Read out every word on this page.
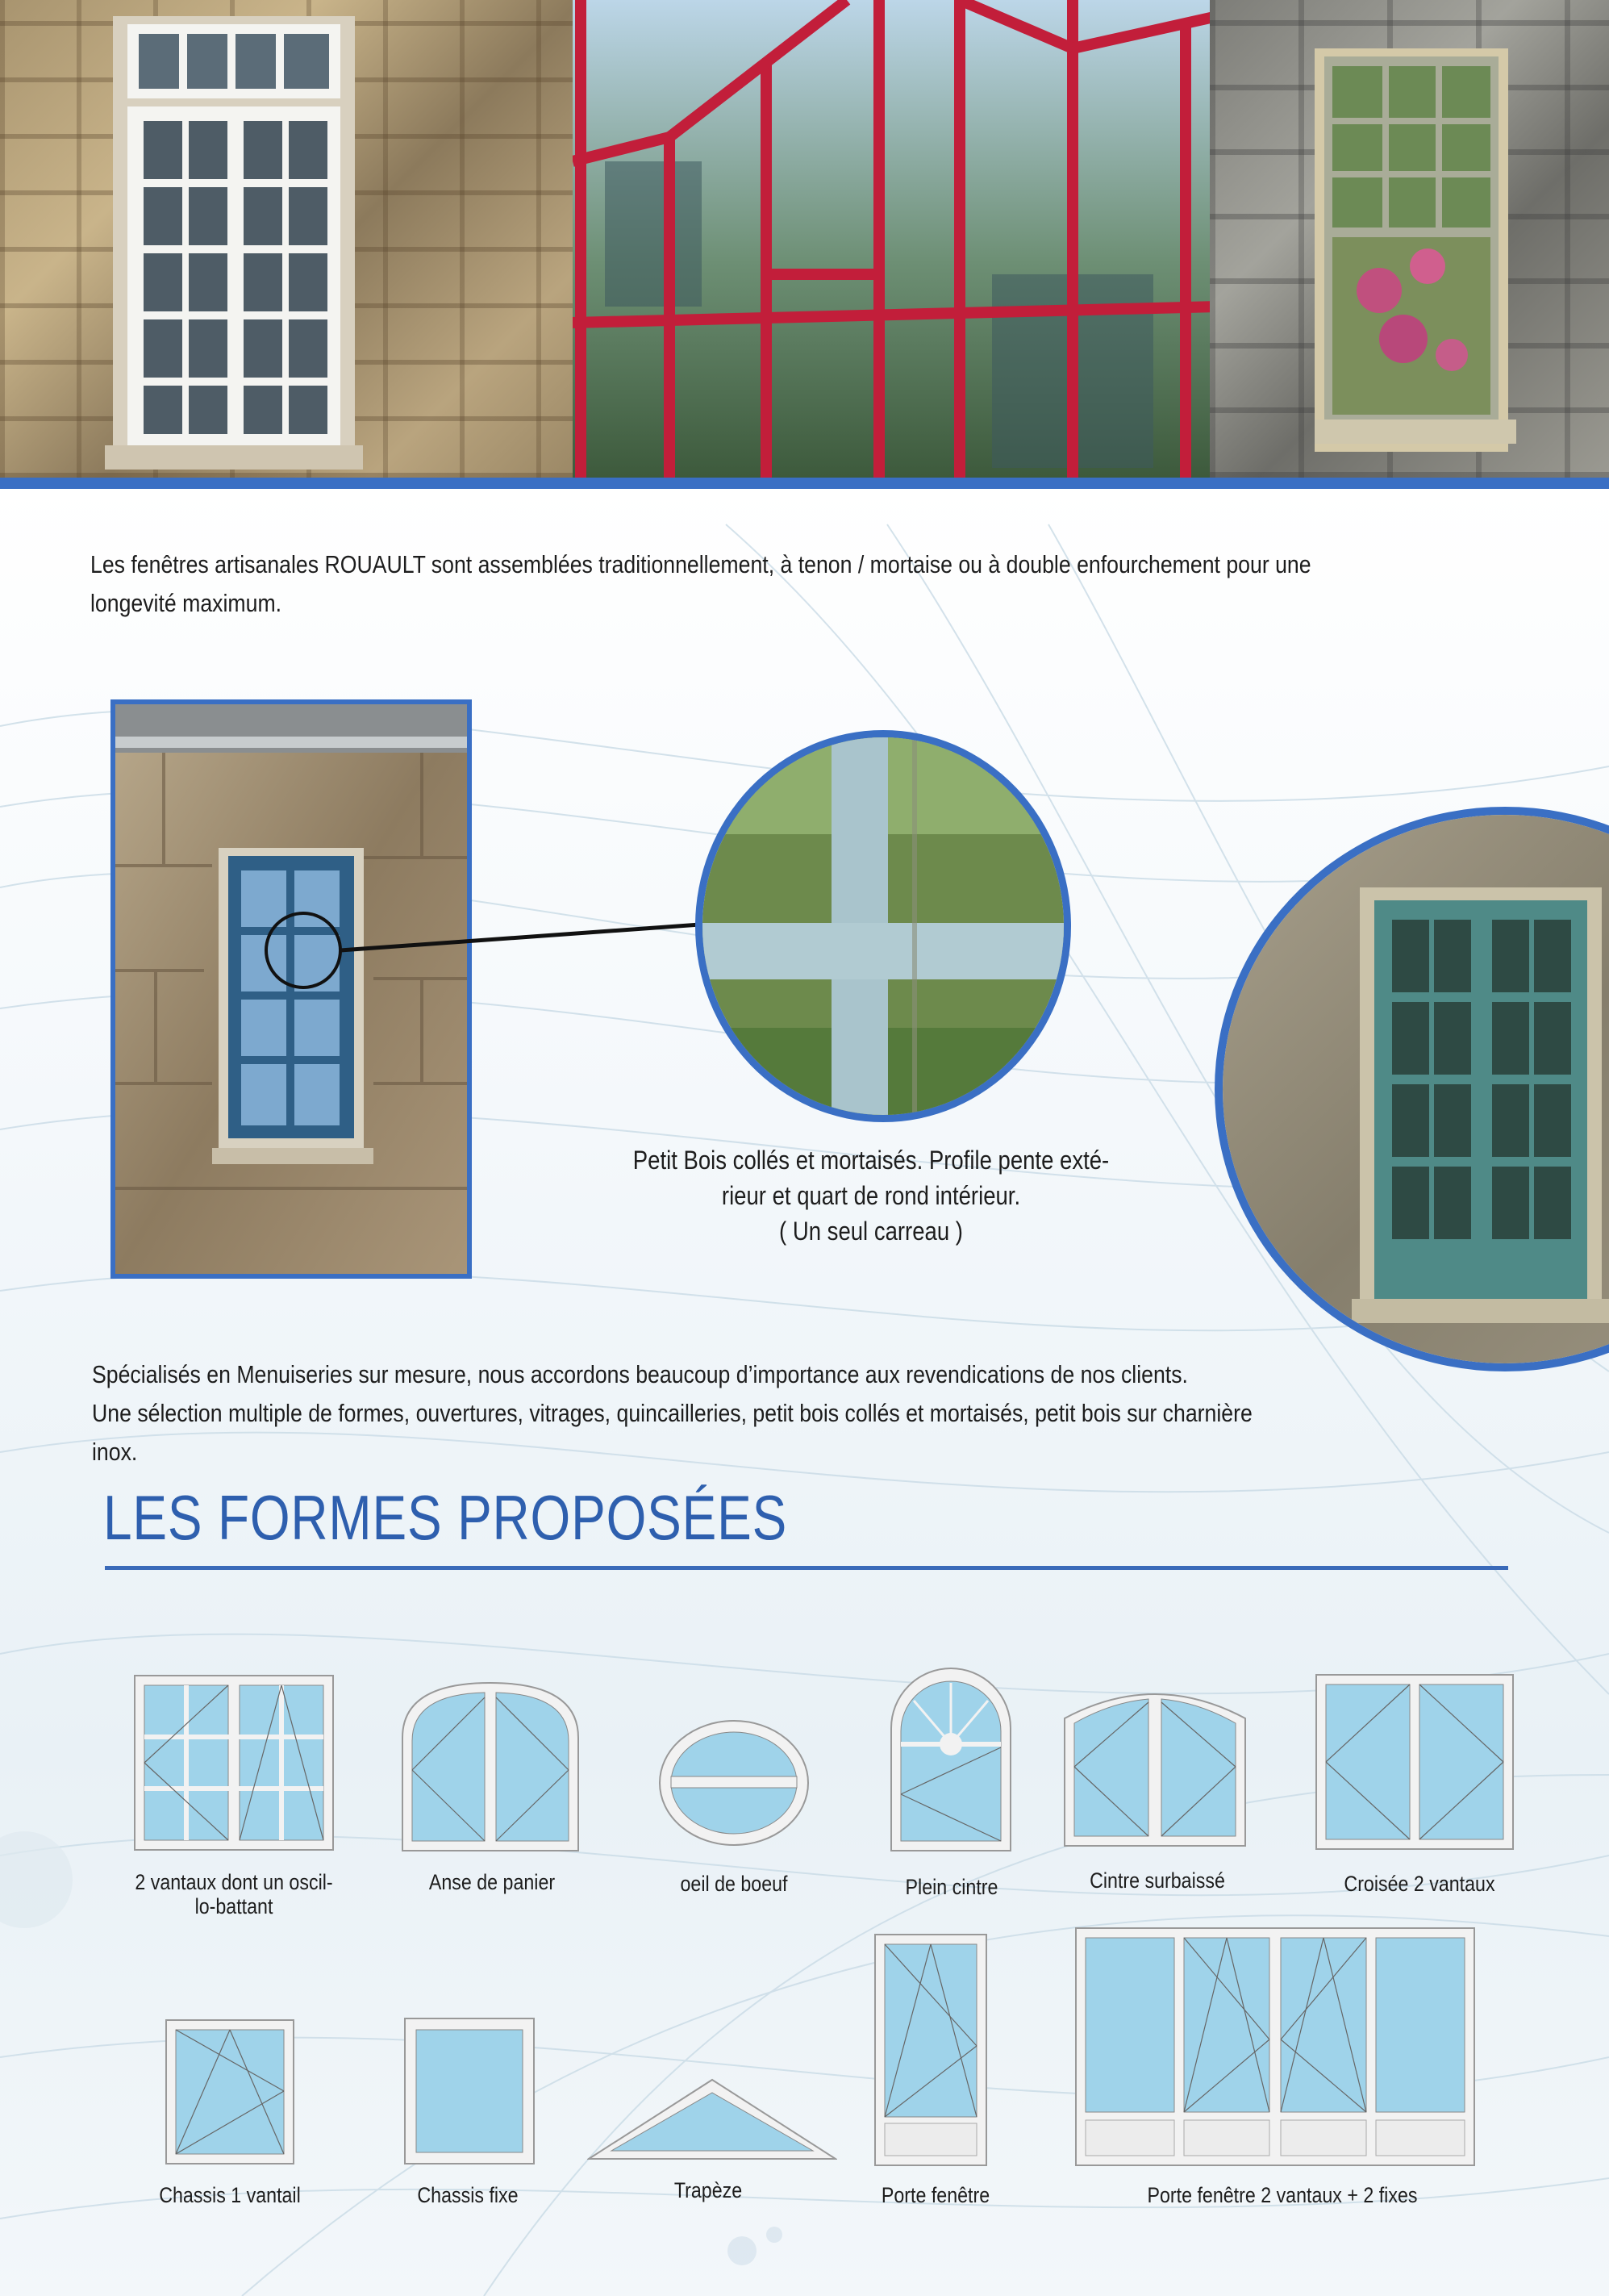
Les fenêtres artisanales ROUAULT sont assemblées traditionnellement, à tenon / mortaise ou à double enfourchement pour une
longevité maximum.
Petit Bois collés et mortaisés. Profile pente exté-
rieur et quart de rond intérieur.
( Un seul carreau )
Spécialisés en Menuiseries sur mesure, nous accordons beaucoup d’importance aux revendications de nos clients.
Une sélection multiple de formes, ouvertures, vitrages, quincailleries, petit bois collés et mortaisés, petit bois sur charnière
inox.
LES FORMES PROPOSÉES
2 vantaux dont un oscil-
lo-battant
Anse de panier	oeil de boeuf	Plein cintre	Cintre surbaissé	Croisée 2 vantaux
Chassis 1 vantail	Chassis fixe	Trapèze	Porte fenêtre	Porte fenêtre 2 vantaux + 2 fixes
